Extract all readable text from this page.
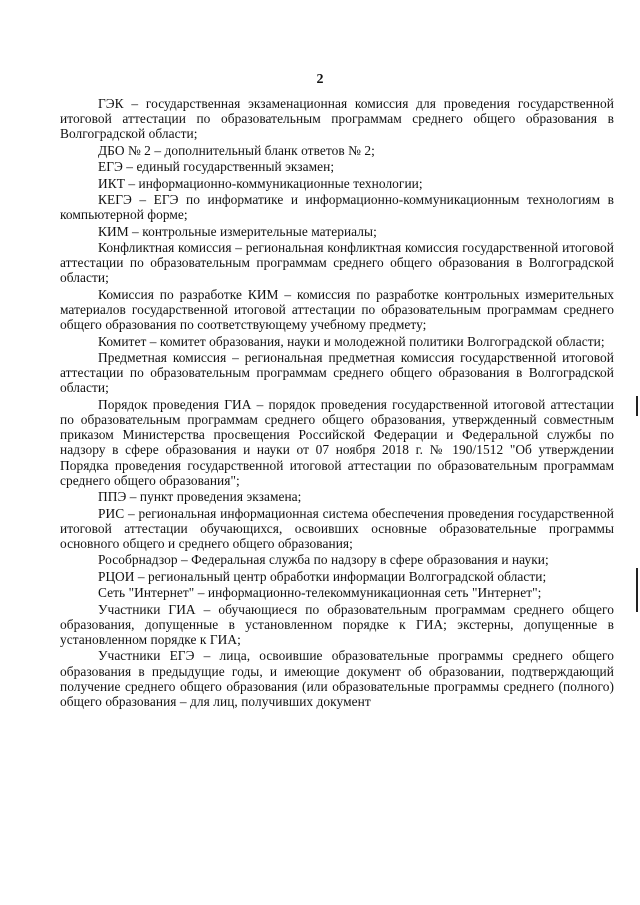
2

ГЭК – государственная экзаменационная комиссия для проведения государственной итоговой аттестации по образовательным программам среднего общего образования в Волгоградской области;

ДБО № 2 – дополнительный бланк ответов № 2;

ЕГЭ – единый государственный экзамен;

ИКТ – информационно-коммуникационные технологии;

КЕГЭ – ЕГЭ по информатике и информационно-коммуникационным технологиям в компьютерной форме;

КИМ – контрольные измерительные материалы;

Конфликтная комиссия – региональная конфликтная комиссия государственной итоговой аттестации по образовательным программам среднего общего образования в Волгоградской области;

Комиссия по разработке КИМ – комиссия по разработке контрольных измерительных материалов государственной итоговой аттестации по образовательным программам среднего общего образования по соответствующему учебному предмету;

Комитет – комитет образования, науки и молодежной политики Волгоградской области;

Предметная комиссия – региональная предметная комиссия государственной итоговой аттестации по образовательным программам среднего общего образования в Волгоградской области;

Порядок проведения ГИА – порядок проведения государственной итоговой аттестации по образовательным программам среднего общего образования, утвержденный совместным приказом Министерства просвещения Российской Федерации и Федеральной службы по надзору в сфере образования и науки от 07 ноября 2018 г. № 190/1512 "Об утверждении Порядка проведения государственной итоговой аттестации по образовательным программам среднего общего образования";

ППЭ – пункт проведения экзамена;

РИС – региональная информационная система обеспечения проведения государственной итоговой аттестации обучающихся, освоивших основные образовательные программы основного общего и среднего общего образования;

Рособрнадзор – Федеральная служба по надзору в сфере образования и науки;

РЦОИ – региональный центр обработки информации Волгоградской области;

Сеть "Интернет" – информационно-телекоммуникационная сеть "Интернет";

Участники ГИА – обучающиеся по образовательным программам среднего общего образования, допущенные в установленном порядке к ГИА; экстерны, допущенные в установленном порядке к ГИА;

Участники ЕГЭ – лица, освоившие образовательные программы среднего общего образования в предыдущие годы, и имеющие документ об образовании, подтверждающий получение среднего общего образования (или образовательные программы среднего (полного) общего образования – для лиц, получивших документ
